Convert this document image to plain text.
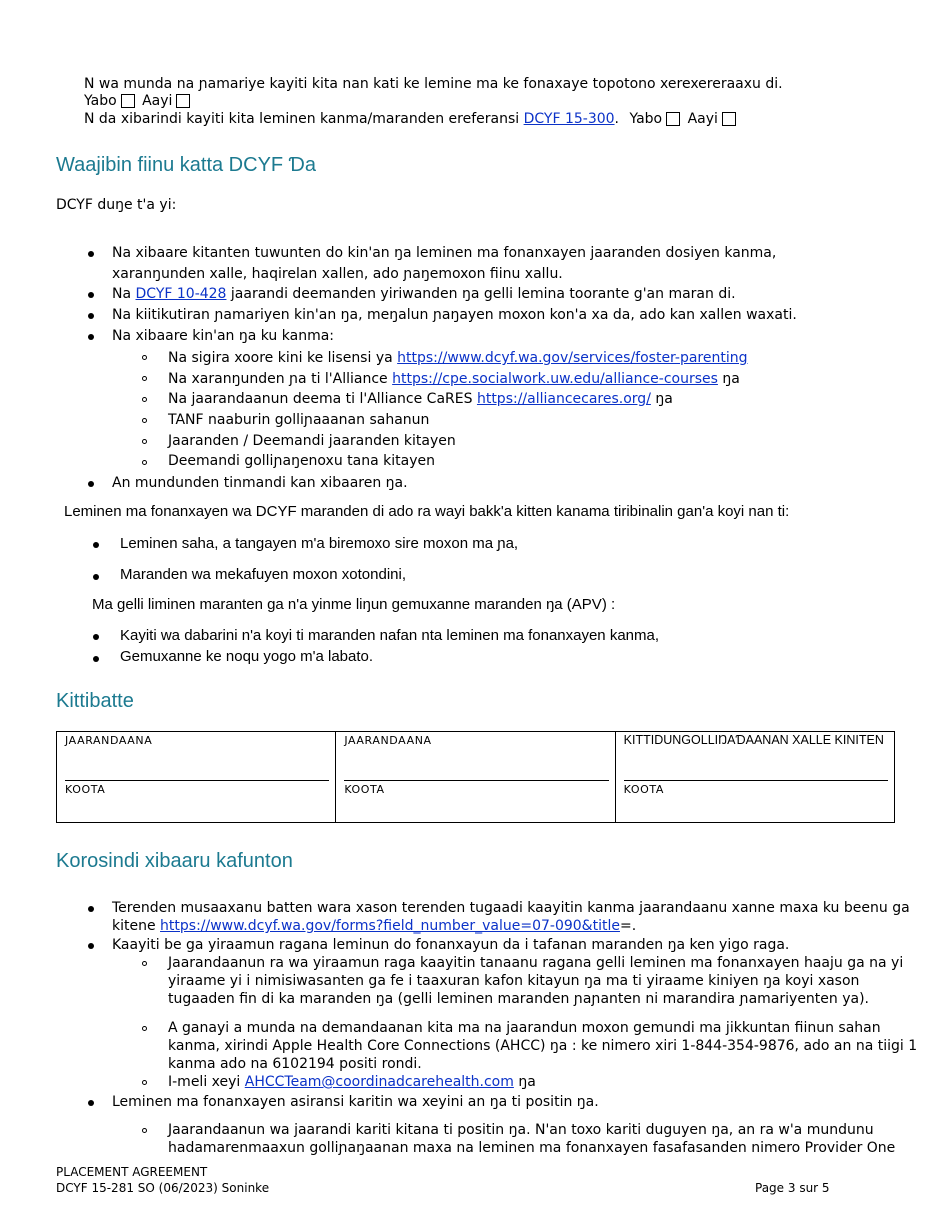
N wa munda na ɲamariye kayiti kita nan kati ke lemine ma ke fonaxaye topotono xerexereraaxu di.
Yabo Aayi
N da xibarindi kayiti kita leminen kanma/maranden ereferansi DCYF 15-300. Yabo Aayi
Waajibin fiinu katta DCYF Ɗa
DCYF duŋe t'a yi:
Na xibaare kitanten tuwunten do kin'an ŋa leminen ma fonanxayen jaaranden dosiyen kanma,
xaranŋunden xalle, haqirelan xallen, ado ɲaŋemoxon fiinu xallu.
Na DCYF 10-428 jaarandi deemanden yiriwanden ŋa gelli lemina toorante g'an maran di.
Na kiitikutiran ɲamariyen kin'an ŋa, meŋalun ɲaŋayen moxon kon'a xa da, ado kan xallen waxati.
Na xibaare kin'an ŋa ku kanma:
Na sigira xoore kini ke lisensi ya https://www.dcyf.wa.gov/services/foster-parenting
Na xaranŋunden ɲa ti l'Alliance https://cpe.socialwork.uw.edu/alliance-courses ŋa
Na jaarandaanun deema ti l'Alliance CaRES https://alliancecares.org/ ŋa
TANF naaburin golliɲaaanan sahanun
Jaaranden / Deemandi jaaranden kitayen
Deemandi golliɲaŋenoxu tana kitayen
An mundunden tinmandi kan xibaaren ŋa.
Leminen ma fonanxayen wa DCYF maranden di ado ra wayi bakk'a kitten kanama tiribinalin gan'a koyi nan ti:
Leminen saha, a tangayen m'a biremoxo sire moxon ma ɲa,
Maranden wa mekafuyen moxon xotondini,
Ma gelli liminen maranten ga n'a yinme liŋun gemuxanne maranden ŋa (APV) :
Kayiti wa dabarini n'a koyi ti maranden nafan nta leminen ma fonanxayen kanma,
Gemuxanne ke noqu yogo m'a labato.
Kittibatte
JAARANDAANA
KOOTA

JAARANDAANA
KOOTA

KITTIDUNGOLLIŊAƊAANAN XALLE KINITEN
KOOTA
Korosindi xibaaru kafunton
Terenden musaaxanu batten wara xason terenden tugaadi kaayitin kanma jaarandaanu xanne maxa ku beenu ga
kitene https://www.dcyf.wa.gov/forms?field_number_value=07-090&title=.
Kaayiti be ga yiraamun ragana leminun do fonanxayun da i tafanan maranden ŋa ken yigo raga.
Jaarandaanun ra wa yiraamun raga kaayitin tanaanu ragana gelli leminen ma fonanxayen haaju ga na yi
yiraame yi i nimisiwasanten ga fe i taaxuran kafon kitayun ŋa ma ti yiraame kiniyen ŋa koyi xason
tugaaden fin di ka maranden ŋa (gelli leminen maranden ɲaɲanten ni marandira ɲamariyenten ya).
A ganayi a munda na demandaanan kita ma na jaarandun moxon gemundi ma jikkuntan fiinun sahan
kanma, xirindi Apple Health Core Connections (AHCC) ŋa : ke nimero xiri 1-844-354-9876, ado an na tiigi 1
kanma ado na 6102194 positi rondi.
I-meli xeyi AHCCTeam@coordinadcarehealth.com ŋa
Leminen ma fonanxayen asiransi karitin wa xeyini an ŋa ti positin ŋa.
Jaarandaanun wa jaarandi kariti kitana ti positin ŋa. N'an toxo kariti duguyen ŋa, an ra w'a mundunu
hadamarenmaaxun golliɲaŋaanan maxa na leminen ma fonanxayen fasafasanden nimero Provider One
PLACEMENT AGREEMENT
DCYF 15-281 SO (06/2023) Soninke	Page 3 sur 5
